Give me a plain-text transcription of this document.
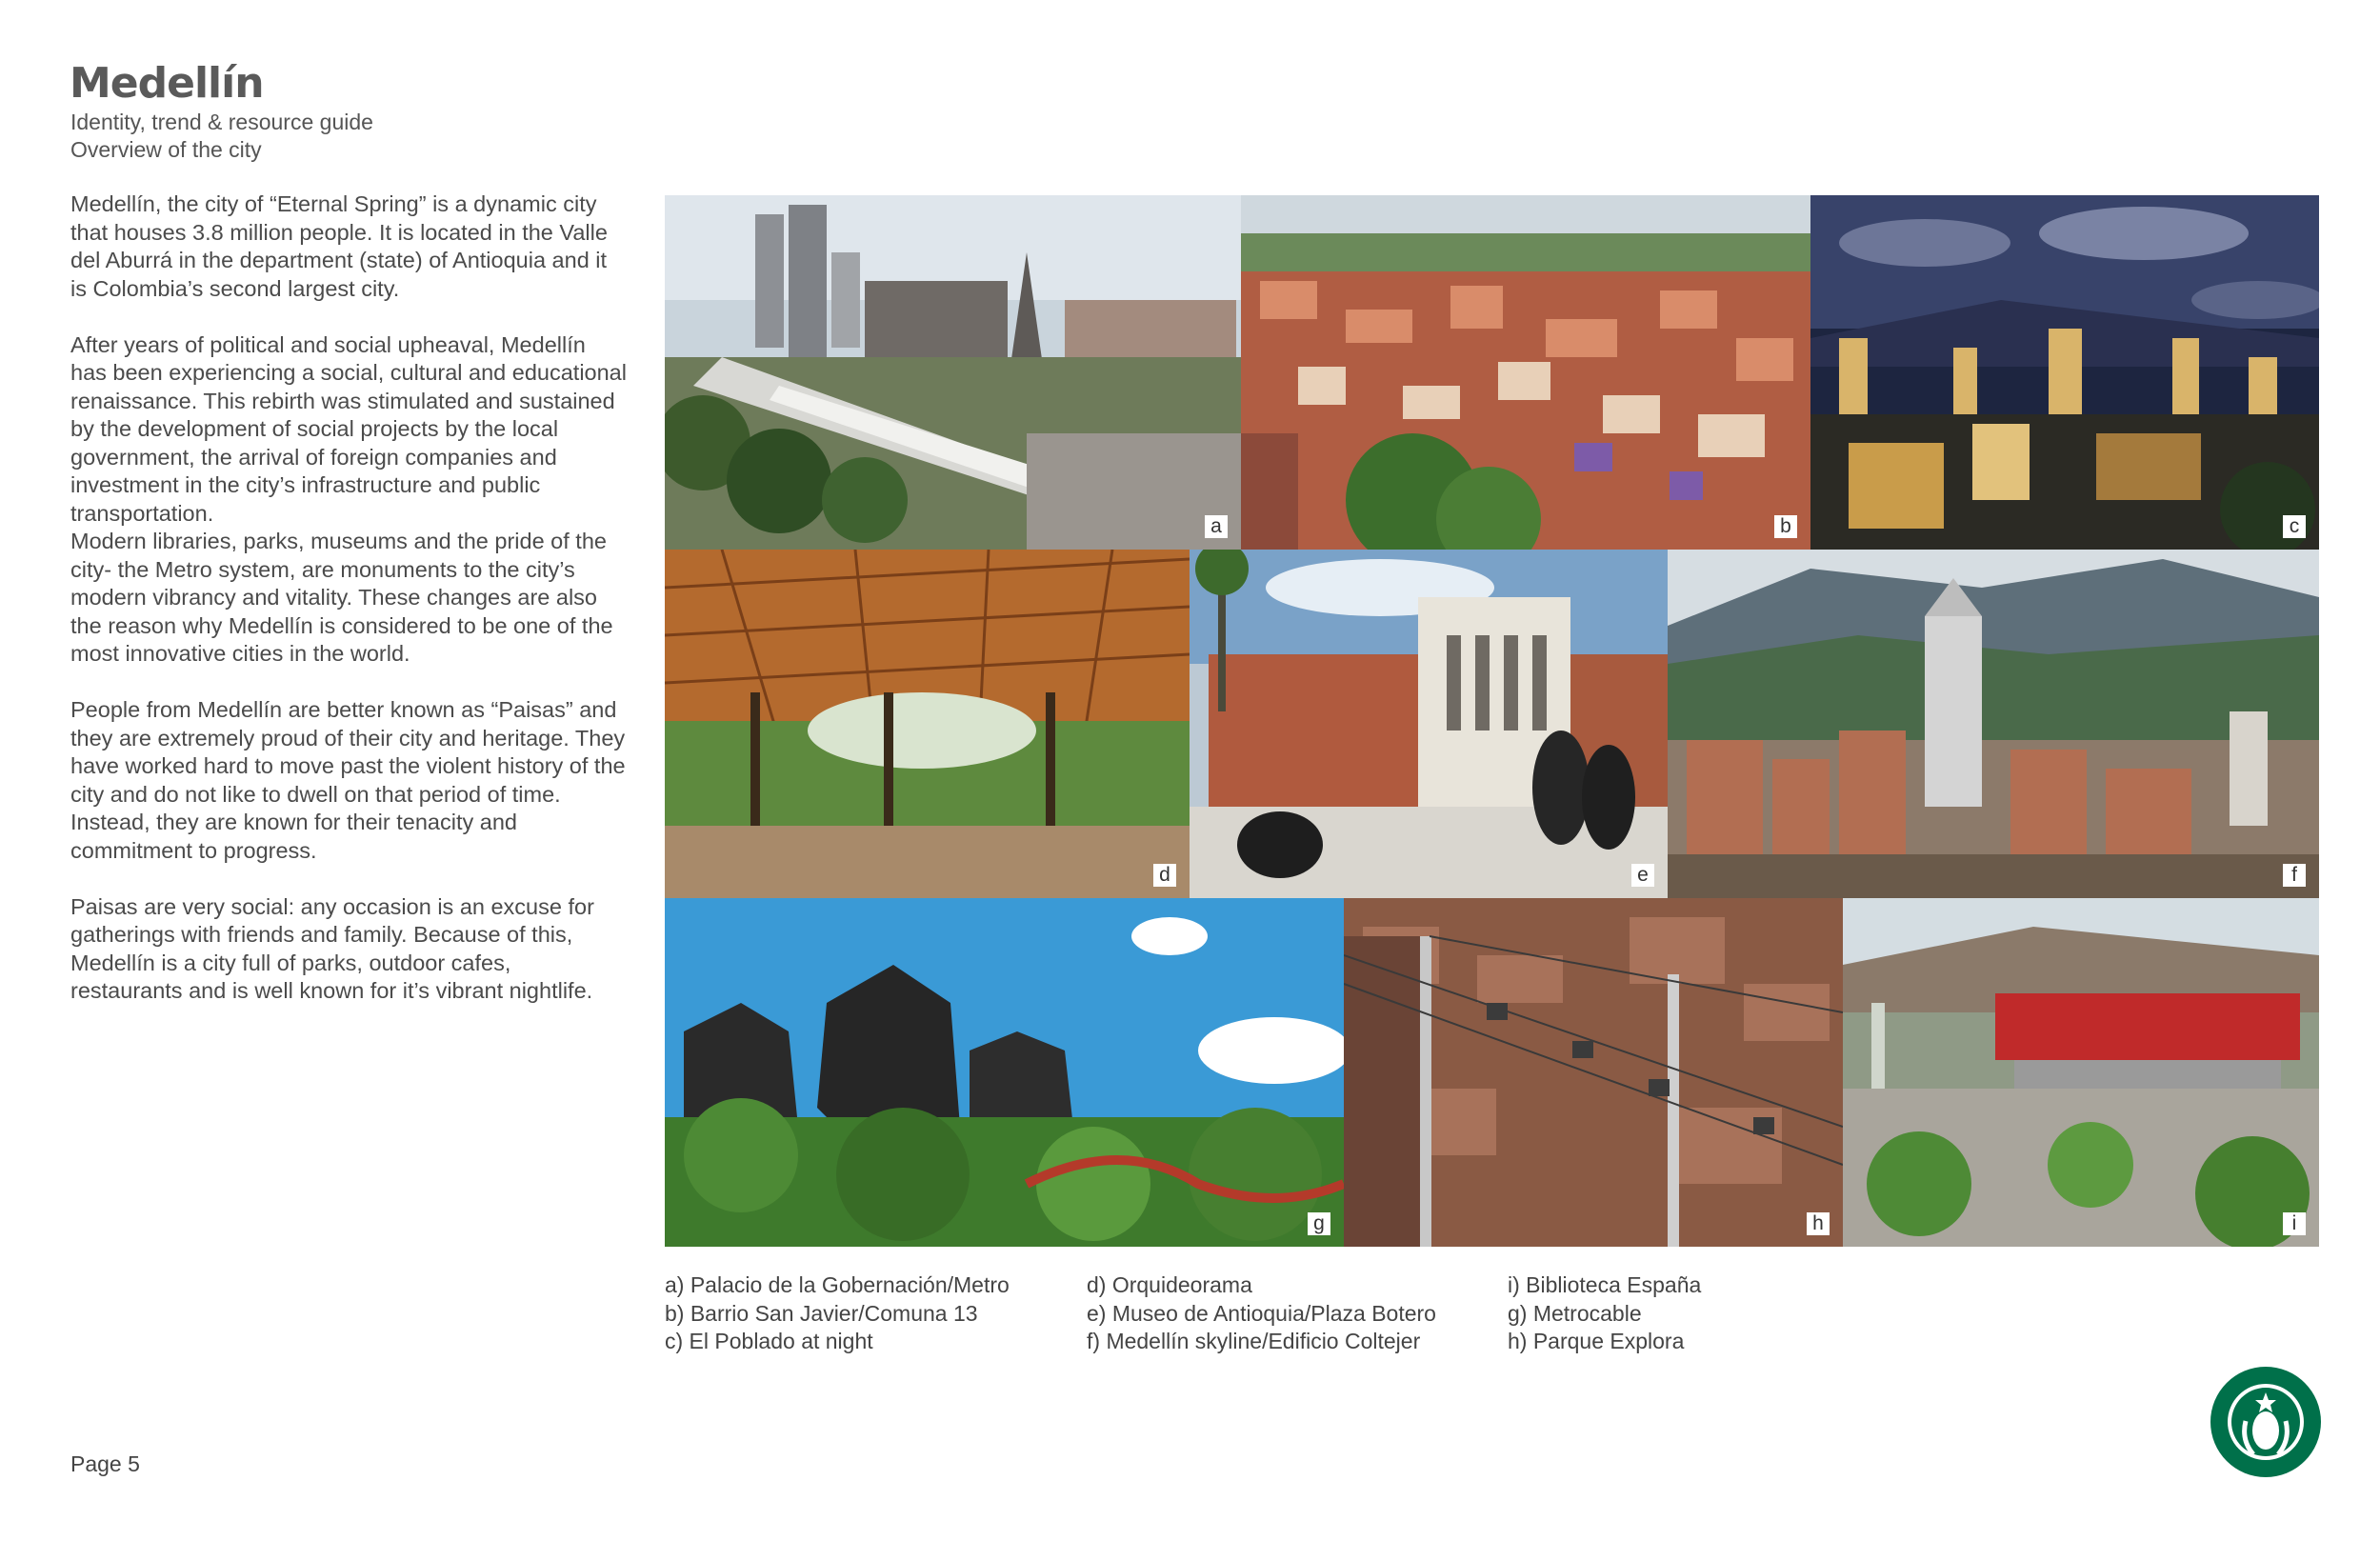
Medellín
Identity, trend & resource guide
Overview of the city

Medellín, the city of “Eternal Spring” is a dynamic city that houses 3.8 million people. It is located in the Valle del Aburrá in the department (state) of Antioquia and it is Colombia’s second largest city.

After years of political and social upheaval, Medellín has been experiencing a social, cultural and educational renaissance. This rebirth was stimulated and sustained by the development of social projects by the local government, the arrival of foreign companies and investment in the city’s infrastructure and public transportation.

Modern libraries, parks, museums and the pride of the city- the Metro system, are monuments to the city’s modern vibrancy and vitality. These changes are also the reason why Medellín is considered to be one of the most innovative cities in the world.

People from Medellín are better known as “Paisas” and they are extremely proud of their city and heritage. They have worked hard to move past the violent history of the city and do not like to dwell on that period of time. Instead, they are known for their tenacity and commitment to progress.

Paisas are very social: any occasion is an excuse for gatherings with friends and family. Because of this, Medellín is a city full of parks, outdoor cafes, restaurants and is well known for it’s vibrant nightlife.

a	b	c
d	e	f
g	h	i
a) Palacio de la Gobernación/Metro
b) Barrio San Javier/Comuna 13
c) El Poblado at night
d) Orquideorama
e) Museo de Antioquia/Plaza Botero
f) Medellín skyline/Edificio Coltejer
i) Biblioteca España
g) Metrocable
h) Parque Explora
Page 5
